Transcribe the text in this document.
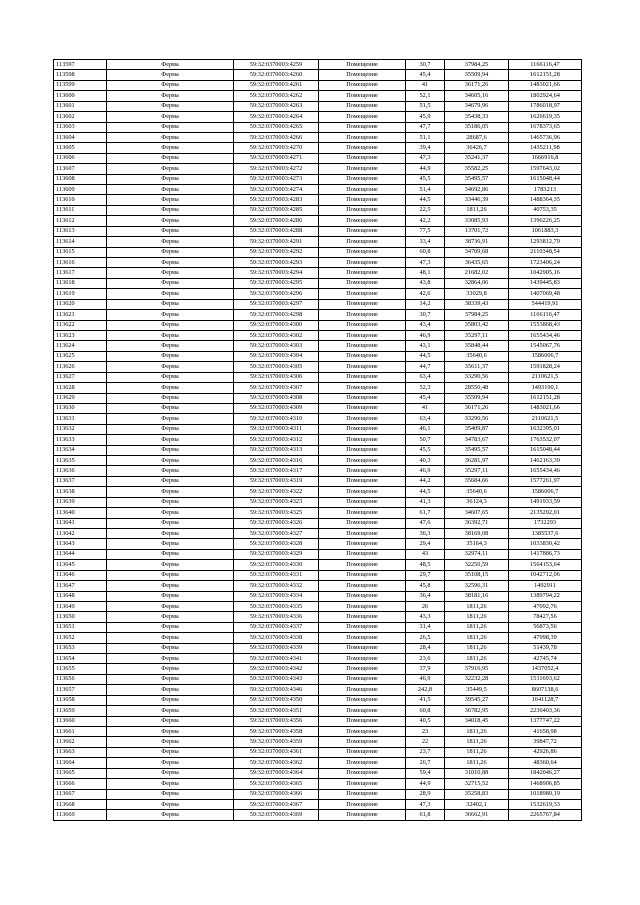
113597	Ферма	59:32:0370003:4259	Помещение	30,7	37984,25	1166116,47
113598	Ферма	59:32:0370003:4260	Помещение	45,4	35509,94	1612151,28
113599	Ферма	59:32:0370003:4261	Помещение	41	36171,26	1483021,66
113600	Ферма	59:32:0370003:4262	Помещение	52,1	34605,16	1802924,64
113601	Ферма	59:32:0370003:4263	Помещение	51,5	34679,96	1786018,97
113602	Ферма	59:32:0370003:4264	Помещение	45,9	35438,33	1626619,35
113603	Ферма	59:32:0370003:4265	Помещение	47,7	35186,05	1678373,65
113604	Ферма	59:32:0370003:4266	Помещение	51,1	28687,6	1465736,96
113605	Ферма	59:32:0370003:4270	Помещение	39,4	36426,7	1435211,98
113606	Ферма	59:32:0370003:4271	Помещение	47,3	35241,37	1666916,8
113607	Ферма	59:32:0370003:4272	Помещение	44,9	35582,25	1597643,02
113608	Ферма	59:32:0370003:4273	Помещение	45,5	35495,57	1615048,44
113609	Ферма	59:32:0370003:4274	Помещение	51,4	34692,86	1783213
113610	Ферма	59:32:0370003:4283	Помещение	44,5	33446,39	1488364,35
113611	Ферма	59:32:0370003:4285	Помещение	22,5	1811,26	40753,35
113612	Ферма	59:32:0370003:4286	Помещение	42,2	33085,93	1396226,25
113613	Ферма	59:32:0370003:4288	Помещение	77,5	13701,72	1061883,3
113614	Ферма	59:32:0370003:4291	Помещение	33,4	38736,91	1293812,79
113615	Ферма	59:32:0370003:4292	Помещение	60,8	34709,68	2110348,54
113616	Ферма	59:32:0370003:4293	Помещение	47,3	36435,65	1723406,24
113617	Ферма	59:32:0370003:4294	Помещение	48,1	21682,02	1042905,16
113618	Ферма	59:32:0370003:4295	Помещение	43,8	32864,06	1439445,83
113619	Ферма	59:32:0370003:4296	Помещение	42,6	33029,8	1407069,48
113620	Ферма	59:32:0370003:4297	Помещение	14,2	38339,43	544419,91
113621	Ферма	59:32:0370003:4298	Помещение	30,7	37984,25	1166116,47
113622	Ферма	59:32:0370003:4300	Помещение	43,4	35803,42	1553868,43
113623	Ферма	59:32:0370003:4302	Помещение	46,9	35297,11	1655434,46
113624	Ферма	59:32:0370003:4303	Помещение	43,1	35848,44	1545067,76
113625	Ферма	59:32:0370003:4304	Помещение	44,5	35640,6	1586006,7
113626	Ферма	59:32:0370003:4305	Помещение	44,7	35611,37	1591828,24
113627	Ферма	59:32:0370003:4306	Помещение	63,4	33290,56	2110621,5
113628	Ферма	59:32:0370003:4307	Помещение	52,3	28550,48	1493190,1
113629	Ферма	59:32:0370003:4308	Помещение	45,4	35509,94	1612151,28
113630	Ферма	59:32:0370003:4309	Помещение	41	36171,26	1483021,66
113631	Ферма	59:32:0370003:4310	Помещение	63,4	33290,56	2110621,5
113632	Ферма	59:32:0370003:4311	Помещение	46,1	35409,87	1632395,01
113633	Ферма	59:32:0370003:4312	Помещение	50,7	34783,67	1763532,07
113634	Ферма	59:32:0370003:4313	Помещение	45,5	35495,57	1615048,44
113635	Ферма	59:32:0370003:4316	Помещение	40,3	36281,97	1462163,39
113636	Ферма	59:32:0370003:4317	Помещение	46,9	35297,11	1655434,46
113637	Ферма	59:32:0370003:4319	Помещение	44,2	35684,66	1577261,97
113638	Ферма	59:32:0370003:4322	Помещение	44,5	35640,6	1586006,7
113639	Ферма	59:32:0370003:4323	Помещение	41,3	36124,3	1491933,59
113640	Ферма	59:32:0370003:4325	Помещение	61,7	34607,65	2135292,01
113641	Ферма	59:32:0370003:4326	Помещение	47,6	36392,71	1732293
113642	Ферма	59:32:0370003:4327	Помещение	36,3	38169,08	1385537,6
113643	Ферма	59:32:0370003:4328	Помещение	29,4	35164,3	1033830,42
113644	Ферма	59:32:0370003:4329	Помещение	43	32974,11	1417886,73
113645	Ферма	59:32:0370003:4330	Помещение	48,5	32250,59	1564153,64
113646	Ферма	59:32:0370003:4331	Помещение	29,7	35108,15	1042712,06
113647	Ферма	59:32:0370003:4332	Помещение	45,8	32596,31	1492911
113648	Ферма	59:32:0370003:4334	Помещение	36,4	38181,16	1389794,22
113649	Ферма	59:32:0370003:4335	Помещение	26	1811,26	47092,76
113650	Ферма	59:32:0370003:4336	Помещение	43,3	1811,26	78427,56
113651	Ферма	59:32:0370003:4337	Помещение	31,4	1811,26	56873,56
113652	Ферма	59:32:0370003:4338	Помещение	26,5	1811,26	47998,39
113653	Ферма	59:32:0370003:4339	Помещение	28,4	1811,26	51439,78
113654	Ферма	59:32:0370003:4341	Помещение	23,6	1811,26	42745,74
113655	Ферма	59:32:0370003:4342	Помещение	37,9	37916,95	1437052,4
113656	Ферма	59:32:0370003:4343	Помещение	46,9	32232,28	1511693,62
113657	Ферма	59:32:0370003:4346	Помещение	242,8	35449,5	8607138,6
113658	Ферма	59:32:0370003:4350	Помещение	41,5	39545,27	1641128,7
113659	Ферма	59:32:0370003:4351	Помещение	60,8	36782,95	2236403,36
113660	Ферма	59:32:0370003:4356	Помещение	40,5	34018,45	1377747,22
113661	Ферма	59:32:0370003:4358	Помещение	23	1811,26	41658,98
113662	Ферма	59:32:0370003:4359	Помещение	22	1811,26	39847,72
113663	Ферма	59:32:0370003:4361	Помещение	23,7	1811,26	42926,86
113664	Ферма	59:32:0370003:4362	Помещение	26,7	1811,26	48360,64
113665	Ферма	59:32:0370003:4364	Помещение	59,4	31010,88	1842046,27
113666	Ферма	59:32:0370003:4365	Помещение	44,9	32715,52	1468906,85
113667	Ферма	59:32:0370003:4366	Помещение	28,9	35258,83	1018980,19
113668	Ферма	59:32:0370003:4367	Помещение	47,3	32402,1	1532619,33
113669	Ферма	59:32:0370003:4369	Помещение	61,8	36662,91	2265767,84
